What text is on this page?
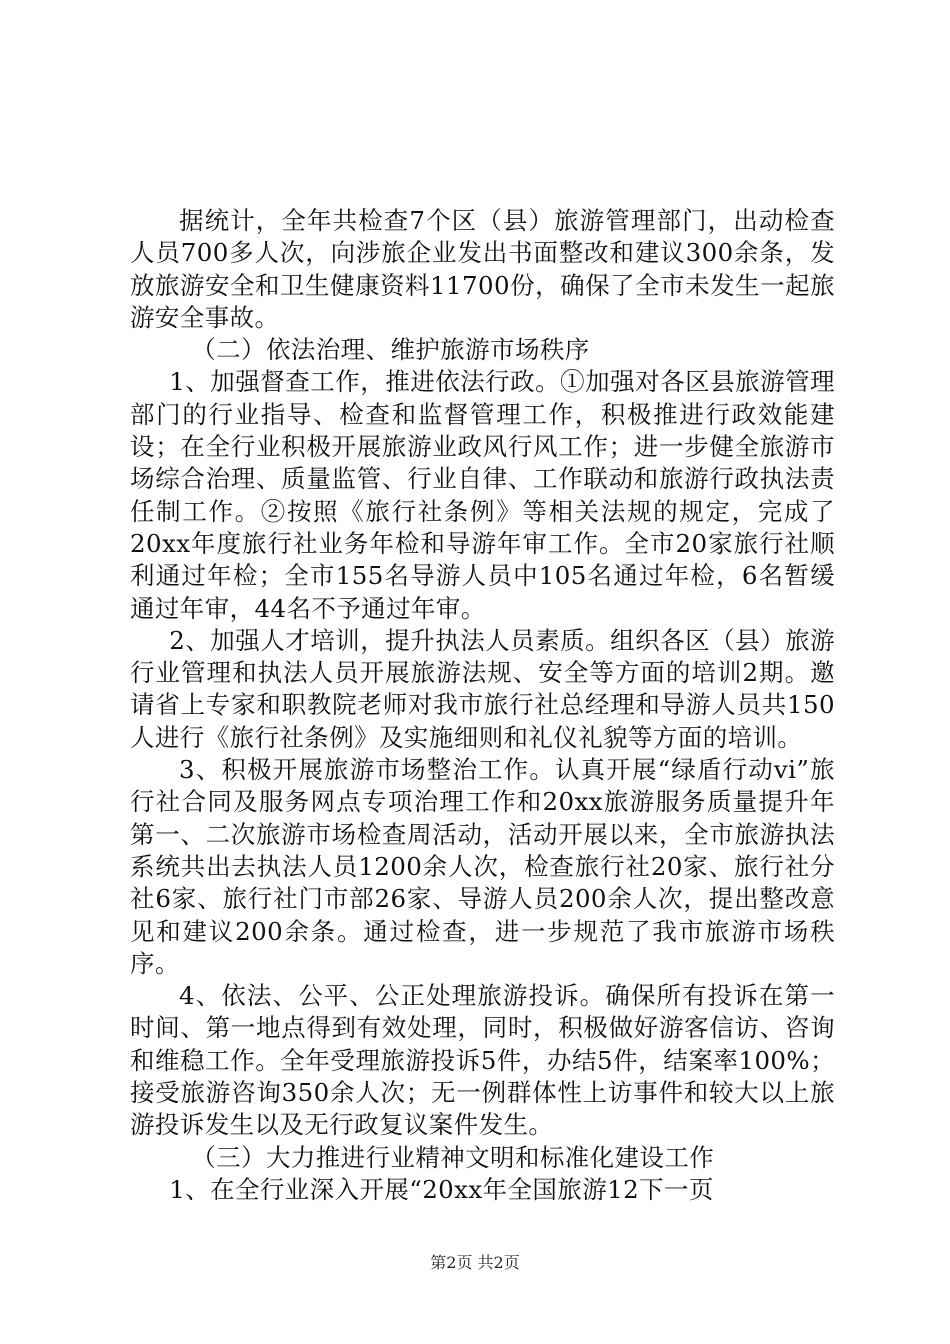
据统计，全年共检查7个区（县）旅游管理部门，出动检查人员700多人次，向涉旅企业发出书面整改和建议300余条，发放旅游安全和卫生健康资料11700份，确保了全市未发生一起旅游安全事故。

（二）依法治理、维护旅游市场秩序

1、加强督查工作，推进依法行政。①加强对各区县旅游管理部门的行业指导、检查和监督管理工作，积极推进行政效能建设；在全行业积极开展旅游业政风行风工作；进一步健全旅游市场综合治理、质量监管、行业自律、工作联动和旅游行政执法责任制工作。②按照《旅行社条例》等相关法规的规定，完成了20xx年度旅行社业务年检和导游年审工作。全市20家旅行社顺利通过年检；全市155名导游人员中105名通过年检，6名暂缓通过年审，44名不予通过年审。

2、加强人才培训，提升执法人员素质。组织各区（县）旅游行业管理和执法人员开展旅游法规、安全等方面的培训2期。邀请省上专家和职教院老师对我市旅行社总经理和导游人员共150人进行《旅行社条例》及实施细则和礼仪礼貌等方面的培训。

3、积极开展旅游市场整治工作。认真开展“绿盾行动vi”旅行社合同及服务网点专项治理工作和20xx旅游服务质量提升年第一、二次旅游市场检查周活动，活动开展以来，全市旅游执法系统共出去执法人员1200余人次，检查旅行社20家、旅行社分社6家、旅行社门市部26家、导游人员200余人次，提出整改意见和建议200余条。通过检查，进一步规范了我市旅游市场秩序。

4、依法、公平、公正处理旅游投诉。确保所有投诉在第一时间、第一地点得到有效处理，同时，积极做好游客信访、咨询和维稳工作。全年受理旅游投诉5件，办结5件，结案率100%；接受旅游咨询350余人次；无一例群体性上访事件和较大以上旅游投诉发生以及无行政复议案件发生。

（三）大力推进行业精神文明和标准化建设工作

1、在全行业深入开展“20xx年全国旅游12下一页

第2页 共2页
